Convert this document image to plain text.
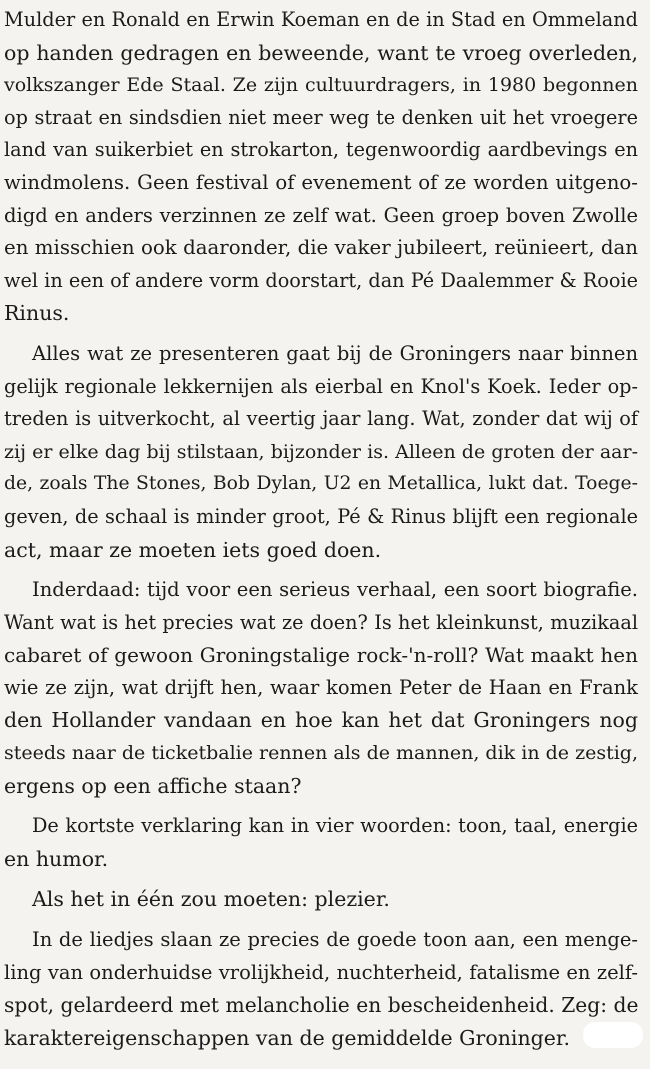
Mulder en Ronald en Erwin Koeman en de in Stad en Ommeland
op handen gedragen en beweende, want te vroeg overleden,
volkszanger Ede Staal. Ze zijn cultuurdragers, in 1980 begonnen
op straat en sindsdien niet meer weg te denken uit het vroegere
land van suikerbiet en strokarton, tegenwoordig aardbevings en
windmolens. Geen festival of evenement of ze worden uitgeno-
digd en anders verzinnen ze zelf wat. Geen groep boven Zwolle
en misschien ook daaronder, die vaker jubileert, reünieert, dan
wel in een of andere vorm doorstart, dan Pé Daalemmer & Rooie
Rinus.
Alles wat ze presenteren gaat bij de Groningers naar binnen
gelijk regionale lekkernijen als eierbal en Knol's Koek. Ieder op-
treden is uitverkocht, al veertig jaar lang. Wat, zonder dat wij of
zij er elke dag bij stilstaan, bijzonder is. Alleen de groten der aar-
de, zoals The Stones, Bob Dylan, U2 en Metallica, lukt dat. Toege-
geven, de schaal is minder groot, Pé & Rinus blijft een regionale
act, maar ze moeten iets goed doen.
Inderdaad: tijd voor een serieus verhaal, een soort biografie.
Want wat is het precies wat ze doen? Is het kleinkunst, muzikaal
cabaret of gewoon Groningstalige rock-'n-roll? Wat maakt hen
wie ze zijn, wat drijft hen, waar komen Peter de Haan en Frank
den Hollander vandaan en hoe kan het dat Groningers nog
steeds naar de ticketbalie rennen als de mannen, dik in de zestig,
ergens op een affiche staan?
De kortste verklaring kan in vier woorden: toon, taal, energie
en humor.
Als het in één zou moeten: plezier.
In de liedjes slaan ze precies de goede toon aan, een menge-
ling van onderhuidse vrolijkheid, nuchterheid, fatalisme en zelf-
spot, gelardeerd met melancholie en bescheidenheid. Zeg: de
karaktereigenschappen van de gemiddelde Groninger.
